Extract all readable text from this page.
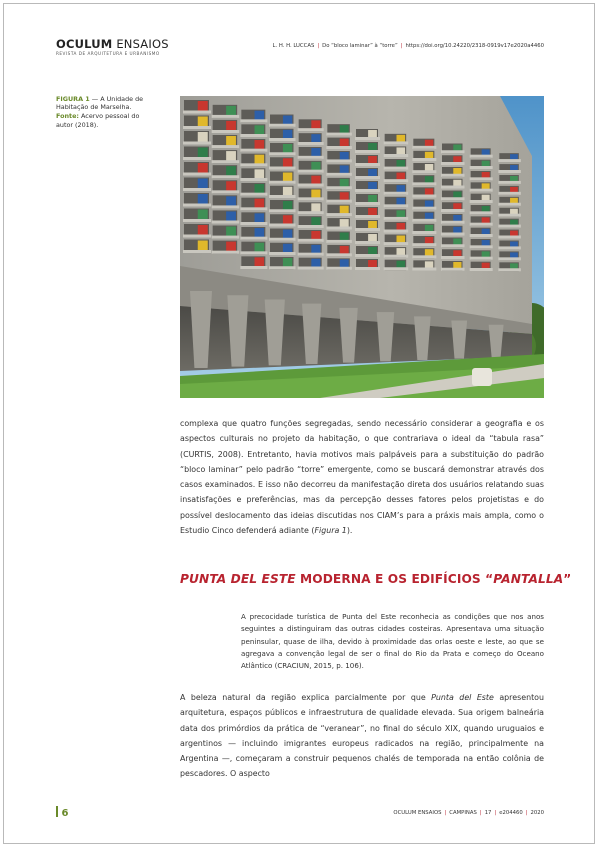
OCULUM ENSAIOS
REVISTA DE ARQUITETURA E URBANISMO
L. H. H. LUCCAS | Do “bloco laminar” à “torre” | https://doi.org/10.24220/2318-0919v17e2020a4460
FIGURA 1 — A Unidade de Habitação de Marselha.
Fonte: Acervo pessoal do autor (2018).
complexa que quatro funções segregadas, sendo necessário considerar a geografia e os aspectos culturais no projeto da habitação, o que contrariava o ideal da “tabula rasa” (CURTIS, 2008). Entretanto, havia motivos mais palpáveis para a substituição do padrão “bloco laminar” pelo padrão “torre” emergente, como se buscará demonstrar através dos casos examinados. E isso não decorreu da manifestação direta dos usuários relatando suas insatisfações e preferências, mas da percepção desses fatores pelos projetistas e do possível deslocamento das ideias discutidas nos CIAM’s para a práxis mais ampla, como o Estudio Cinco defenderá adiante (Figura 1).
PUNTA DEL ESTE MODERNA E OS EDIFÍCIOS “PANTALLA”
A precocidade turística de Punta del Este reconhecia as condições que nos anos seguintes a distinguiram das outras cidades costeiras. Apresentava uma situação peninsular, quase de ilha, devido à proximidade das orlas oeste e leste, ao que se agregava a convenção legal de ser o final do Rio da Prata e começo do Oceano Atlântico (CRACIUN, 2015, p. 106).
A beleza natural da região explica parcialmente por que Punta del Este apresentou arquitetura, espaços públicos e infraestrutura de qualidade elevada. Sua origem balneária data dos primórdios da prática de “veranear”, no final do século XIX, quando uruguaios e argentinos — incluindo imigrantes europeus radicados na região, principalmente na Argentina —, começaram a construir pequenos chalés de temporada na então colônia de pescadores. O aspecto
6	OCULUM ENSAIOS | CAMPINAS | 17 | e204460 | 2020
